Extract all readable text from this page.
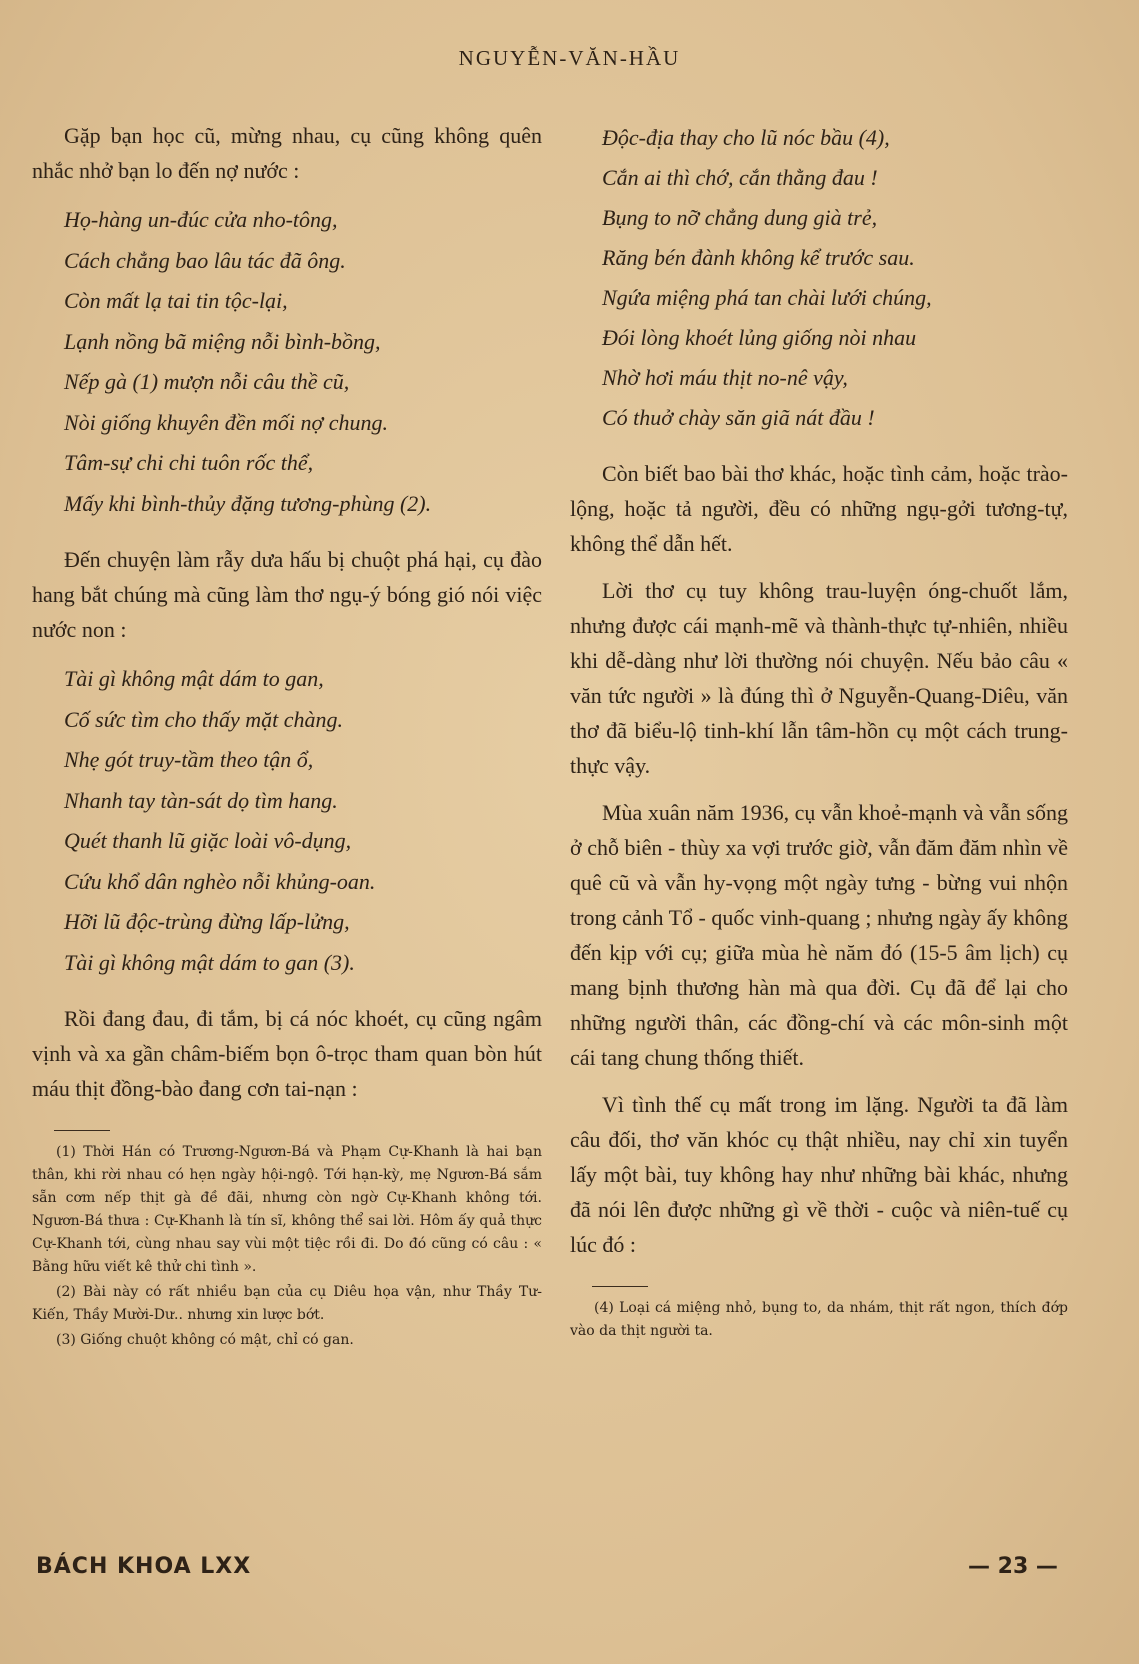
NGUYỄN-VĂN-HẦU

Gặp bạn học cũ, mừng nhau, cụ cũng không quên nhắc nhở bạn lo đến nợ nước :

Họ-hàng un-đúc cửa nho-tông,
Cách chẳng bao lâu tác đã ông.
Còn mất lạ tai tin tộc-lại,
Lạnh nồng bã miệng nỗi bình-bồng,
Nếp gà (1) mượn nỗi câu thề cũ,
Nòi giống khuyên đền mối nợ chung.
Tâm-sự chi chi tuôn rốc thể,
Mấy khi bình-thủy đặng tương-phùng (2).

Đến chuyện làm rẫy dưa hấu bị chuột phá hại, cụ đào hang bắt chúng mà cũng làm thơ ngụ-ý bóng gió nói việc nước non :

Tài gì không mật dám to gan,
Cố sức tìm cho thấy mặt chàng.
Nhẹ gót truy-tầm theo tận ổ,
Nhanh tay tàn-sát dọ tìm hang.
Quét thanh lũ giặc loài vô-dụng,
Cứu khổ dân nghèo nỗi khủng-oan.
Hỡi lũ độc-trùng đừng lấp-lửng,
Tài gì không mật dám to gan (3).

Rồi đang đau, đi tắm, bị cá nóc khoét, cụ cũng ngâm vịnh và xa gần châm-biếm bọn ô-trọc tham quan bòn hút máu thịt đồng-bào đang cơn tai-nạn :

(1) Thời Hán có Trương-Ngươn-Bá và Phạm Cự-Khanh là hai bạn thân, khi rời nhau có hẹn ngày hội-ngộ. Tới hạn-kỳ, mẹ Ngươn-Bá sắm sẵn cơm nếp thịt gà đề đãi, nhưng còn ngờ Cự-Khanh không tới. Ngươn-Bá thưa : Cự-Khanh là tín sĩ, không thể sai lời. Hôm ấy quả thực Cự-Khanh tới, cùng nhau say vùi một tiệc rồi đi. Do đó cũng có câu : « Bằng hữu viết kê thử chi tình ».

(2) Bài này có rất nhiều bạn của cụ Diêu họa vận, như Thầy Tư-Kiến, Thầy Mười-Dư.. nhưng xin lược bớt.

(3) Giống chuột không có mật, chỉ có gan.

Độc-địa thay cho lũ nóc bầu (4),
Cắn ai thì chớ, cắn thằng đau !
Bụng to nỡ chẳng dung già trẻ,
Răng bén đành không kể trước sau.
Ngứa miệng phá tan chài lưới chúng,
Đói lòng khoét lủng giống nòi nhau
Nhờ hơi máu thịt no-nê vậy,
Có thuở chày săn giã nát đầu !

Còn biết bao bài thơ khác, hoặc tình cảm, hoặc trào-lộng, hoặc tả người, đều có những ngụ-gởi tương-tự, không thể dẫn hết.

Lời thơ cụ tuy không trau-luyện óng-chuốt lắm, nhưng được cái mạnh-mẽ và thành-thực tự-nhiên, nhiều khi dễ-dàng như lời thường nói chuyện. Nếu bảo câu « văn tức người » là đúng thì ở Nguyễn-Quang-Diêu, văn thơ đã biểu-lộ tinh-khí lẫn tâm-hồn cụ một cách trung-thực vậy.

Mùa xuân năm 1936, cụ vẫn khoẻ-mạnh và vẫn sống ở chỗ biên - thùy xa vợi trước giờ, vẫn đăm đăm nhìn về quê cũ và vẫn hy-vọng một ngày tưng - bừng vui nhộn trong cảnh Tổ - quốc vinh-quang ; nhưng ngày ấy không đến kịp với cụ; giữa mùa hè năm đó (15-5 âm lịch) cụ mang bịnh thương hàn mà qua đời. Cụ đã để lại cho những người thân, các đồng-chí và các môn-sinh một cái tang chung thống thiết.

Vì tình thế cụ mất trong im lặng. Người ta đã làm câu đối, thơ văn khóc cụ thật nhiều, nay chỉ xin tuyển lấy một bài, tuy không hay như những bài khác, nhưng đã nói lên được những gì về thời - cuộc và niên-tuế cụ lúc đó :

(4) Loại cá miệng nhỏ, bụng to, da nhám, thịt rất ngon, thích đớp vào da thịt người ta.

BÁCH KHOA LXX	— 23 —
